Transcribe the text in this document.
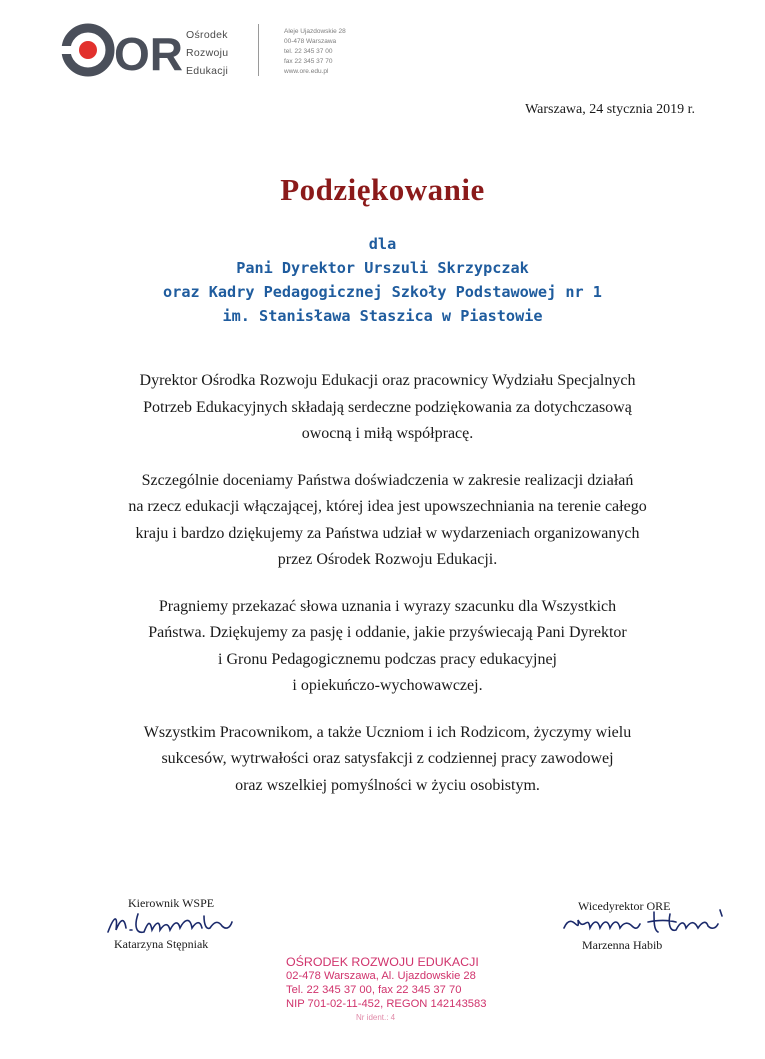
OR Ośrodek
Rozwoju
Edukacji
Aleje Ujazdowskie 28
00-478 Warszawa
tel. 22 345 37 00
fax 22 345 37 70
www.ore.edu.pl
Warszawa, 24 stycznia 2019 r.
Podziękowanie
dla
Pani Dyrektor Urszuli Skrzypczak
oraz Kadry Pedagogicznej Szkoły Podstawowej nr 1
im. Stanisława Staszica w Piastowie

Dyrektor Ośrodka Rozwoju Edukacji oraz pracownicy Wydziału Specjalnych
Potrzeb Edukacyjnych składają serdeczne podziękowania za dotychczasową
owocną i miłą współpracę.

Szczególnie doceniamy Państwa doświadczenia w zakresie realizacji działań
na rzecz edukacji włączającej, której idea jest upowszechniania na terenie całego
kraju i bardzo dziękujemy za Państwa udział w wydarzeniach organizowanych
przez Ośrodek Rozwoju Edukacji.

Pragniemy przekazać słowa uznania i wyrazy szacunku dla Wszystkich
Państwa. Dziękujemy za pasję i oddanie, jakie przyświecają Pani Dyrektor
i Gronu Pedagogicznemu podczas pracy edukacyjnej
i opiekuńczo-wychowawczej.

Wszystkim Pracownikom, a także Uczniom i ich Rodzicom, życzymy wielu
sukcesów, wytrwałości oraz satysfakcji z codziennej pracy zawodowej
oraz wszelkiej pomyślności w życiu osobistym.

Kierownik WSPE
Katarzyna Stępniak
Wicedyrektor ORE
Marzenna Habib
OŚRODEK ROZWOJU EDUKACJI
02-478 Warszawa, Al. Ujazdowskie 28
Tel. 22 345 37 00, fax 22 345 37 70
NIP 701-02-11-452, REGON 142143583
Nr ident.: 4
